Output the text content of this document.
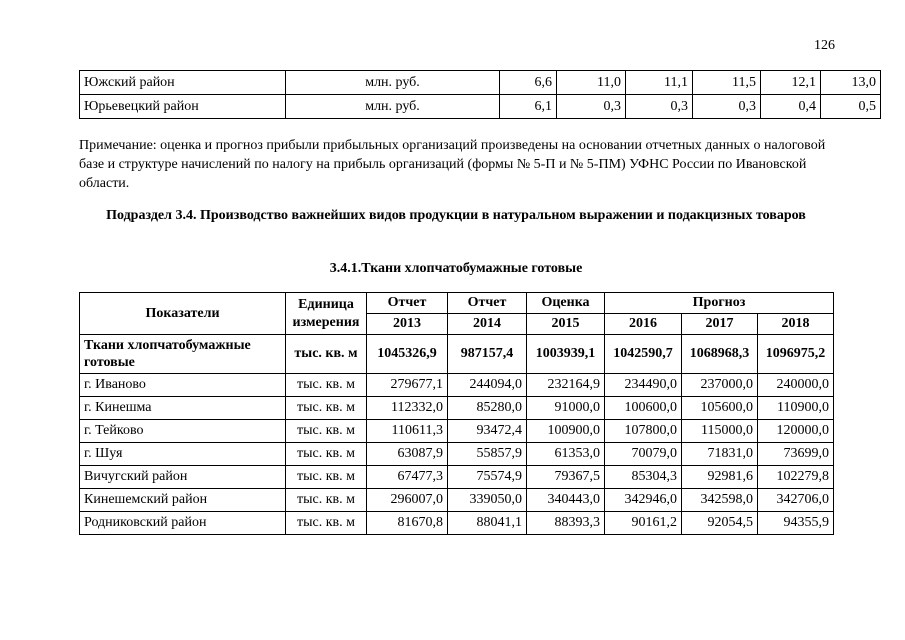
126
Южский район	млн. руб.	6,6	11,0	11,1	11,5	12,1	13,0
Юрьевецкий район	млн. руб.	6,1	0,3	0,3	0,3	0,4	0,5
Примечание: оценка и прогноз прибыли прибыльных организаций произведены на основании отчетных данных о налоговой базе и структуре начислений по налогу на прибыль организаций (формы № 5-П и № 5-ПМ) УФНС России по Ивановской области.
Подраздел 3.4. Производство важнейших видов продукции в натуральном выражении и подакцизных товаров
3.4.1.Ткани хлопчатобумажные готовые
Показатели	Единица измерения	Отчет	Отчет	Оценка	Прогноз		
		2013	2014	2015	2016	2017	2018
Ткани хлопчатобумажные готовые	тыс. кв. м	1045326,9	987157,4	1003939,1	1042590,7	1068968,3	1096975,2
г. Иваново	тыс. кв. м	279677,1	244094,0	232164,9	234490,0	237000,0	240000,0
г. Кинешма	тыс. кв. м	112332,0	85280,0	91000,0	100600,0	105600,0	110900,0
г. Тейково	тыс. кв. м	110611,3	93472,4	100900,0	107800,0	115000,0	120000,0
г. Шуя	тыс. кв. м	63087,9	55857,9	61353,0	70079,0	71831,0	73699,0
Вичугский район	тыс. кв. м	67477,3	75574,9	79367,5	85304,3	92981,6	102279,8
Кинешемский район	тыс. кв. м	296007,0	339050,0	340443,0	342946,0	342598,0	342706,0
Родниковский район	тыс. кв. м	81670,8	88041,1	88393,3	90161,2	92054,5	94355,9
